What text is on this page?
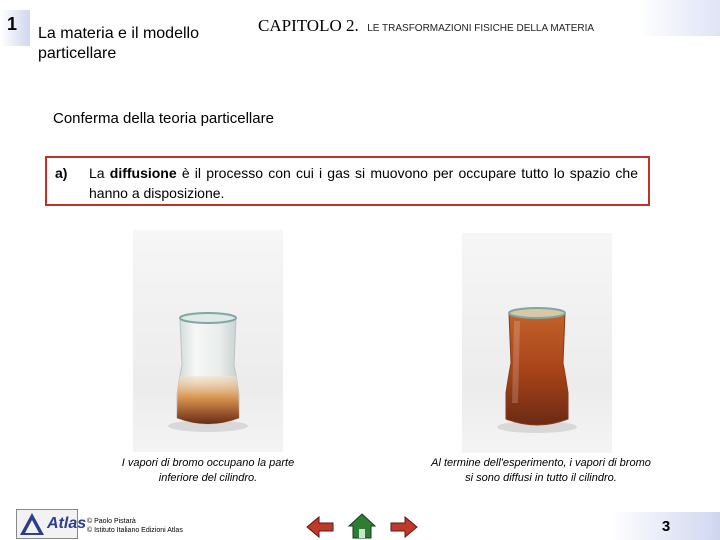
1	La materia e il modello particellare
CAPITOLO 2. LE TRASFORMAZIONI FISICHE DELLA MATERIA
Conferma della teoria particellare
a) La diffusione è il processo con cui i gas si muovono per occupare tutto lo spazio che hanno a disposizione.
I vapori di bromo occupano la parte inferiore del cilindro.
Al termine dell'esperimento, i vapori di bromo si sono diffusi in tutto il cilindro.
Atlas © Paolo Pistarà
© Istituto Italiano Edizioni Atlas	3
